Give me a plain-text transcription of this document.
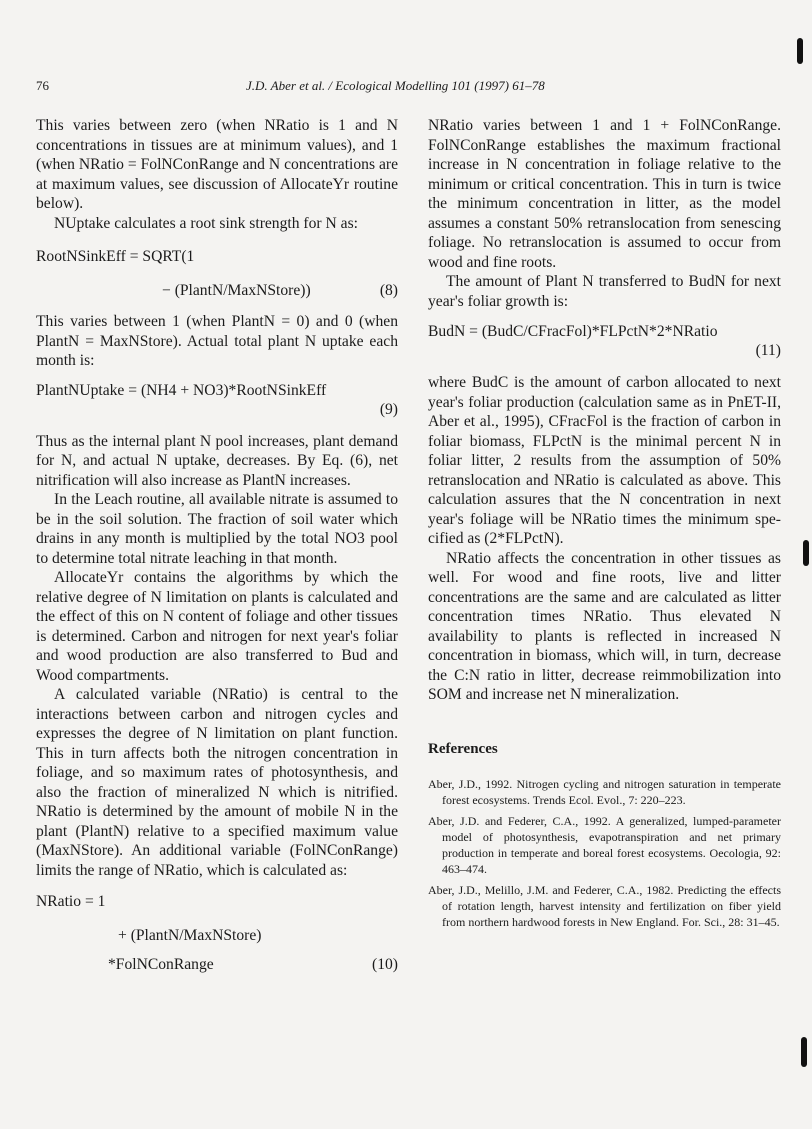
76	J.D. Aber et al. / Ecological Modelling 101 (1997) 61–78

This varies between zero (when NRatio is 1 and N concentrations in tissues are at minimum values), and 1 (when NRatio = FolNConRange and N concentrations are at maximum values, see discussion of AllocateYr routine below).

NUptake calculates a root sink strength for N as:

RootNSinkEff = SQRT(1
− (PlantN/MaxNStore))	(8)

This varies between 1 (when PlantN = 0) and 0 (when PlantN = MaxNStore). Actual total plant N uptake each month is:

PlantNUptake = (NH4 + NO3)*RootNSinkEff
(9)

Thus as the internal plant N pool increases, plant demand for N, and actual N uptake, decreases. By Eq. (6), net nitrification will also increase as PlantN increases.

In the Leach routine, all available nitrate is assumed to be in the soil solution. The fraction of soil water which drains in any month is multiplied by the total NO3 pool to determine total nitrate leaching in that month.

AllocateYr contains the algorithms by which the relative degree of N limitation on plants is calculated and the effect of this on N content of foliage and other tissues is determined. Carbon and nitrogen for next year's foliar and wood production are also transferred to Bud and Wood compartments.

A calculated variable (NRatio) is central to the interactions between carbon and nitrogen cycles and expresses the degree of N limitation on plant function. This in turn affects both the nitrogen concentration in foliage, and so maximum rates of photosynthesis, and also the fraction of mineralized N which is nitrified. NRatio is determined by the amount of mobile N in the plant (PlantN) relative to a specified maximum value (MaxNStore). An additional variable (FolNConRange) limits the range of NRatio, which is calculated as:

NRatio = 1
+ (PlantN/MaxNStore)
*FolNConRange	(10)

NRatio varies between 1 and 1 + FolNConRange. FolNConRange establishes the maximum fractional increase in N concentration in foliage relative to the minimum or critical concentration. This in turn is twice the minimum concentration in litter, as the model assumes a constant 50% retranslocation from senescing foliage. No retranslocation is assumed to occur from wood and fine roots.

The amount of Plant N transferred to BudN for next year's foliar growth is:

BudN = (BudC/CFracFol)*FLPctN*2*NRatio
(11)

where BudC is the amount of carbon allocated to next year's foliar production (calculation same as in PnET-II, Aber et al., 1995), CFracFol is the fraction of carbon in foliar biomass, FLPctN is the minimal percent N in foliar litter, 2 results from the assumption of 50% retranslocation and NRatio is calculated as above. This calculation assures that the N concentration in next year's foliage will be NRatio times the minimum specified as (2*FLPctN).

NRatio affects the concentration in other tissues as well. For wood and fine roots, live and litter concentrations are the same and are calculated as litter concentration times NRatio. Thus elevated N availability to plants is reflected in increased N concentration in biomass, which will, in turn, decrease the C:N ratio in litter, decrease reimmobilization into SOM and increase net N mineralization.

References

Aber, J.D., 1992. Nitrogen cycling and nitrogen saturation in temperate forest ecosystems. Trends Ecol. Evol., 7: 220–223.

Aber, J.D. and Federer, C.A., 1992. A generalized, lumped-parameter model of photosynthesis, evapotranspiration and net primary production in temperate and boreal forest ecosystems. Oecologia, 92: 463–474.

Aber, J.D., Melillo, J.M. and Federer, C.A., 1982. Predicting the effects of rotation length, harvest intensity and fertilization on fiber yield from northern hardwood forests in New England. For. Sci., 28: 31–45.
